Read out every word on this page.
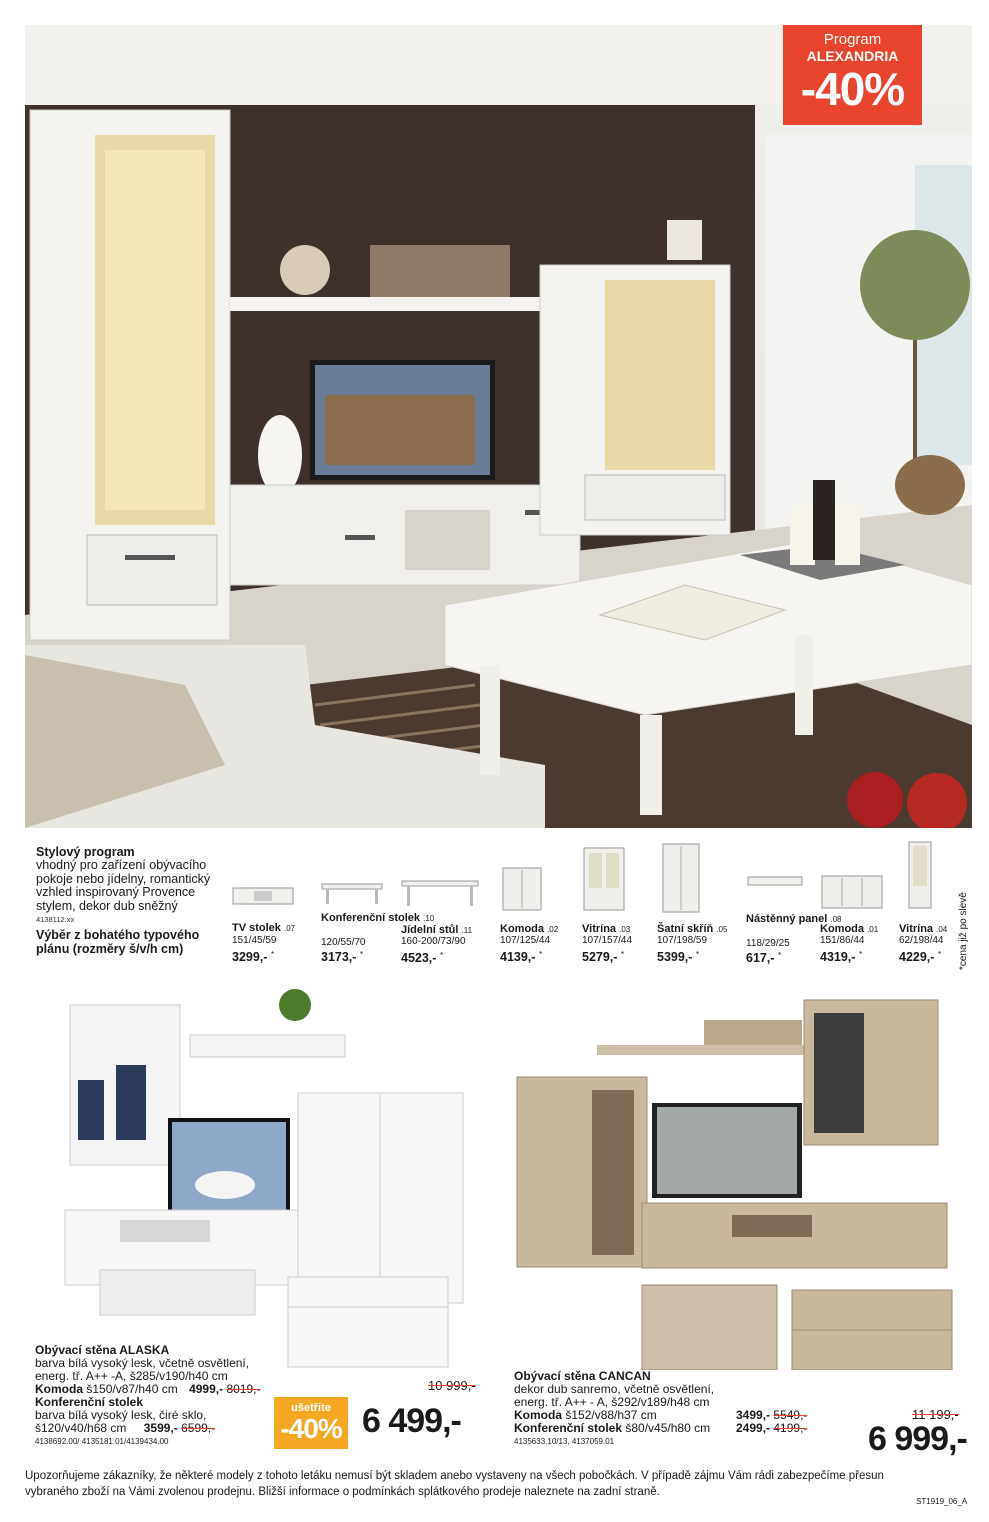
Program
ALEXANDRIA
-40%
Stylový program
vhodný pro zařízení obývacího pokoje nebo jídelny, romantický vzhled inspirovaný Provence stylem, dekor dub sněžný
4138112.xx
Výběr z bohatého typového plánu (rozměry š/v/h cm)
TV stolek .07
151/45/59
3299,- *
Konferenční stolek .10
120/55/70
3173,- *
Jídelní stůl .11
160-200/73/90
4523,- *
Komoda .02
107/125/44
4139,- *
Vitrína .03
107/157/44
5279,- *
Šatní skříň .05
107/198/59
5399,- *
Nástěnný panel .08
118/29/25
617,- *
Komoda .01
151/86/44
4319,- *
Vitrína .04
62/198/44
4229,- * *cena již po slevě
Obývací stěna ALASKA
barva bílá vysoký lesk, včetně osvětlení,
energ. tř. A++ -A, š285/v190/h40 cm
Komoda š150/v87/h40 cm 4999,- 8019,-
Konferenční stolek
barva bílá vysoký lesk, čiré sklo,
š120/v40/h68 cm 3599,- 6599,-
4138692.00/ 4135181.01/4139434.00
10 999,-
ušetřite
-40% 6 499,-
Obývací stěna CANCAN
dekor dub sanremo, včetně osvětlení,
energ. tř. A++ - A, š292/v189/h48 cm
Komoda š152/v88/h37 cm	3499,- 5549,-
Konferenční stolek š80/v45/h80 cm 2499,- 4199,-
4135633.10/13, 4137059.01
11 199,-
6 999,-
Upozorňujeme zákazníky, že některé modely z tohoto letáku nemusí být skladem anebo vystaveny na všech pobočkách. V případě zájmu Vám rádi zabezpečíme přesun vybraného zboží na Vámi zvolenou prodejnu. Bližší informace o podmínkách splátkového prodeje naleznete na zadní straně.
ST1919_06_A
